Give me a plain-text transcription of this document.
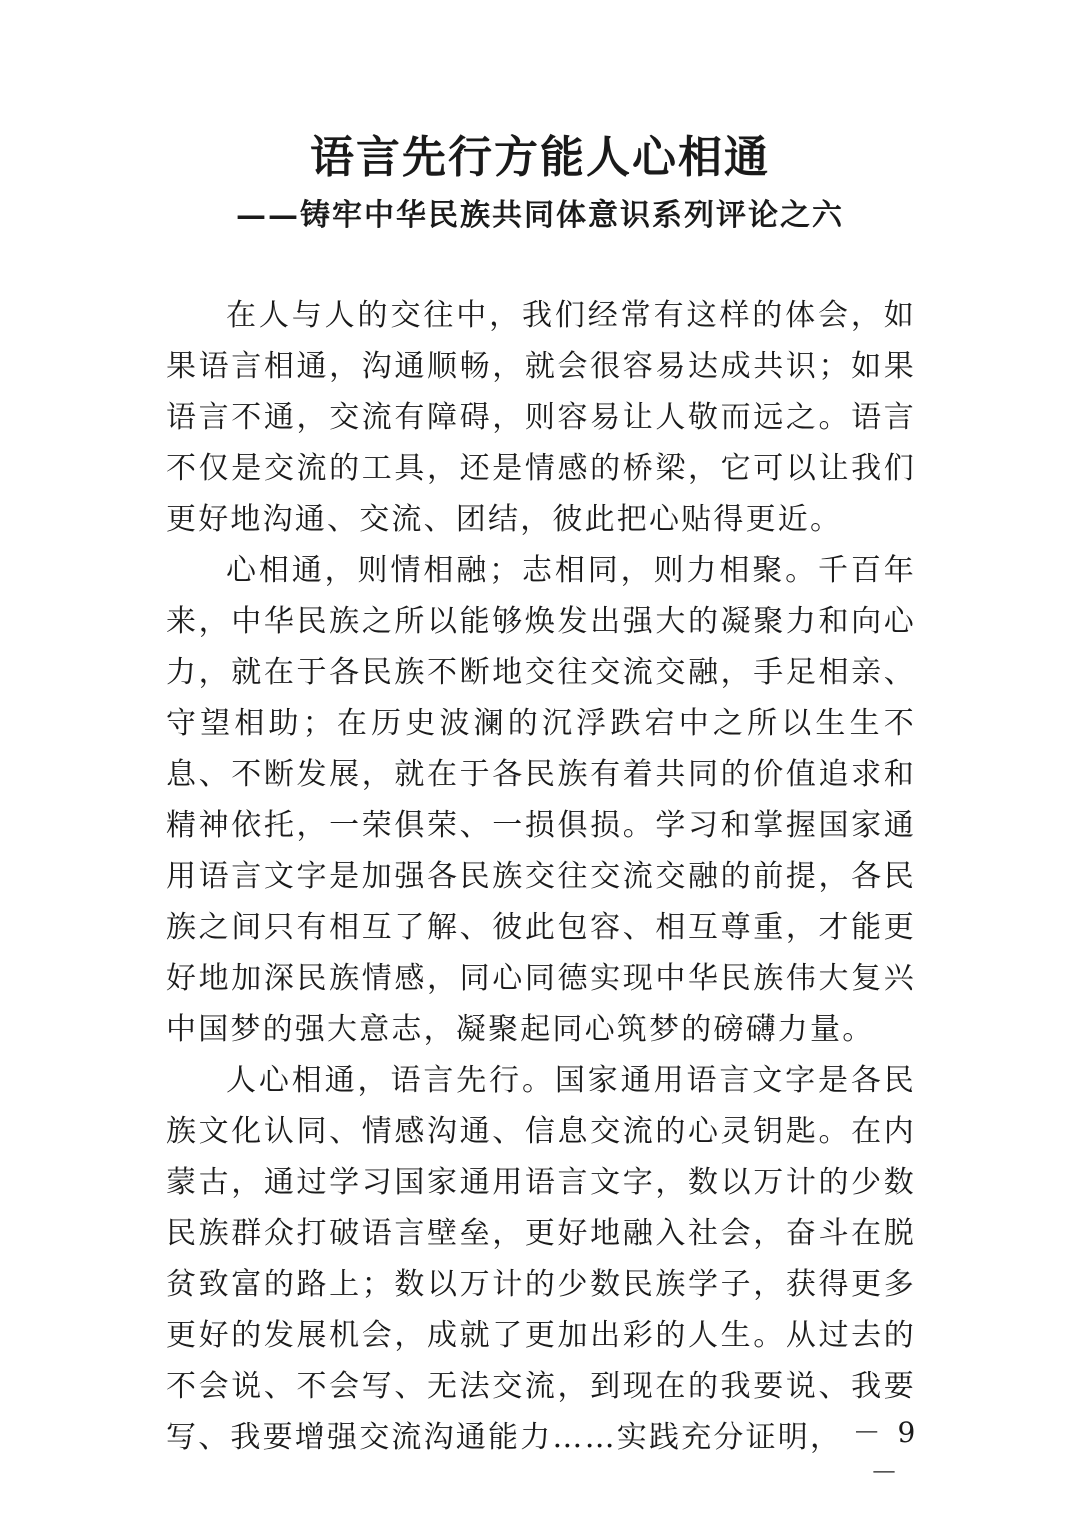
语言先行方能人心相通
——铸牢中华民族共同体意识系列评论之六

在人与人的交往中，我们经常有这样的体会，如果语言相通，沟通顺畅，就会很容易达成共识；如果语言不通，交流有障碍，则容易让人敬而远之。语言不仅是交流的工具，还是情感的桥梁，它可以让我们更好地沟通、交流、团结，彼此把心贴得更近。

心相通，则情相融；志相同，则力相聚。千百年来，中华民族之所以能够焕发出强大的凝聚力和向心力，就在于各民族不断地交往交流交融，手足相亲、守望相助；在历史波澜的沉浮跌宕中之所以生生不息、不断发展，就在于各民族有着共同的价值追求和精神依托，一荣俱荣、一损俱损。学习和掌握国家通用语言文字是加强各民族交往交流交融的前提，各民族之间只有相互了解、彼此包容、相互尊重，才能更好地加深民族情感，同心同德实现中华民族伟大复兴中国梦的强大意志，凝聚起同心筑梦的磅礴力量。

人心相通，语言先行。国家通用语言文字是各民族文化认同、情感沟通、信息交流的心灵钥匙。在内蒙古，通过学习国家通用语言文字，数以万计的少数民族群众打破语言壁垒，更好地融入社会，奋斗在脱贫致富的路上；数以万计的少数民族学子，获得更多更好的发展机会，成就了更加出彩的人生。从过去的不会说、不会写、无法交流，到现在的我要说、我要写、我要增强交流沟通能力……实践充分证明， － 9 －
